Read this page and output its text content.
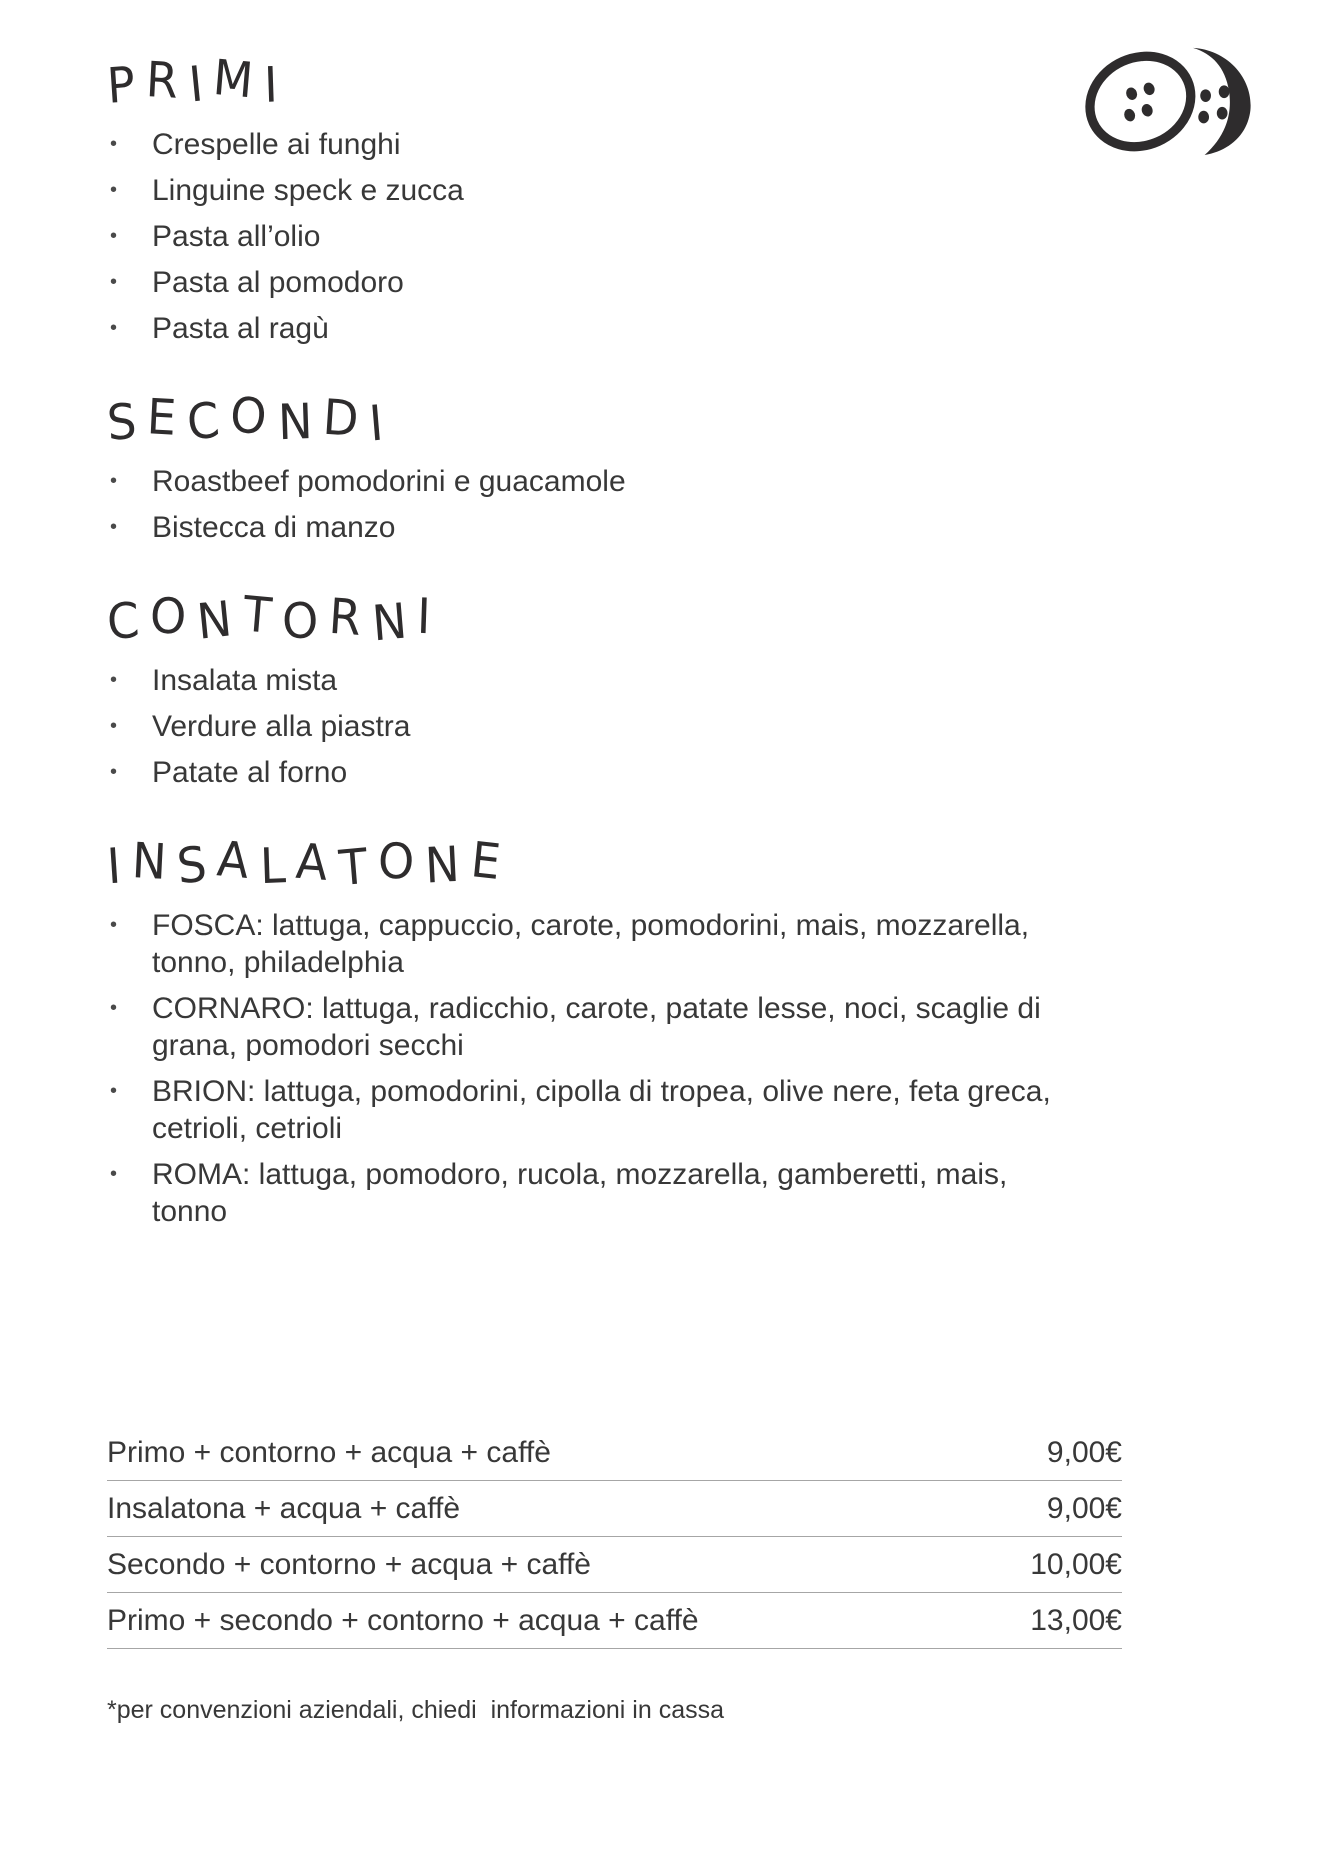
PRIMI
•	Crespelle ai funghi
•	Linguine speck e zucca
•	Pasta all’olio
•	Pasta al pomodoro
•	Pasta al ragù
SECONDI
•	Roastbeef pomodorini e guacamole
•	Bistecca di manzo
CONTORNI
•	Insalata mista
•	Verdure alla piastra
•	Patate al forno
INSALATONE
•	FOSCA: lattuga, cappuccio, carote, pomodorini, mais, mozzarella, tonno, philadelphia
•	CORNARO: lattuga, radicchio, carote, patate lesse, noci, scaglie di grana, pomodori secchi
•	BRION: lattuga, pomodorini, cipolla di tropea, olive nere, feta greca, cetrioli, cetrioli
•	ROMA: lattuga, pomodoro, rucola, mozzarella, gamberetti, mais, tonno
Primo + contorno + acqua + caffè	9,00€
Insalatona + acqua + caffè	9,00€
Secondo + contorno + acqua + caffè	10,00€
Primo + secondo + contorno + acqua + caffè	13,00€

*per convenzioni aziendali, chiedi  informazioni in cassa
